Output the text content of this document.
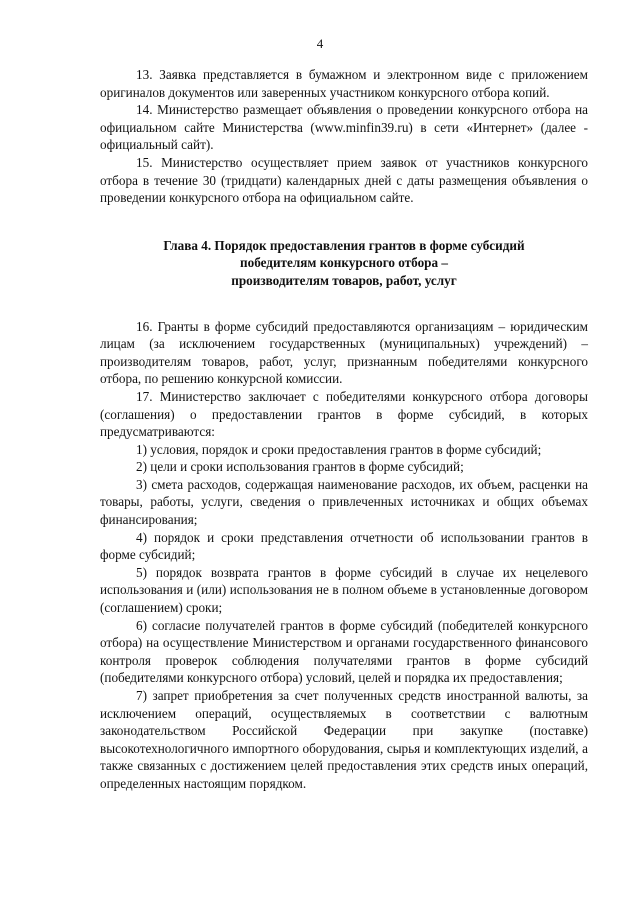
4

13. Заявка представляется в бумажном и электронном виде с приложением оригиналов документов или заверенных участником конкурсного отбора копий.

14. Министерство размещает объявления о проведении конкурсного отбора на официальном сайте Министерства (www.minfin39.ru) в сети «Интернет» (далее - официальный сайт).

15. Министерство осуществляет прием заявок от участников конкурсного отбора в течение 30 (тридцати) календарных дней с даты размещения объявления о проведении конкурсного отбора на официальном сайте.

Глава 4. Порядок предоставления грантов в форме субсидий
победителям конкурсного отбора –
производителям товаров, работ, услуг

16. Гранты в форме субсидий предоставляются организациям – юридическим лицам (за исключением государственных (муниципальных) учреждений) – производителям товаров, работ, услуг, признанным победителями конкурсного отбора, по решению конкурсной комиссии.

17. Министерство заключает с победителями конкурсного отбора договоры (соглашения) о предоставлении грантов в форме субсидий, в которых предусматриваются:

1) условия, порядок и сроки предоставления грантов в форме субсидий;

2) цели и сроки использования грантов в форме субсидий;

3) смета расходов, содержащая наименование расходов, их объем, расценки на товары, работы, услуги, сведения о привлеченных источниках и общих объемах финансирования;

4) порядок и сроки представления отчетности об использовании грантов в форме субсидий;

5) порядок возврата грантов в форме субсидий в случае их нецелевого использования и (или) использования не в полном объеме в установленные договором (соглашением) сроки;

6) согласие получателей грантов в форме субсидий (победителей конкурсного отбора) на осуществление Министерством и органами государственного финансового контроля проверок соблюдения получателями грантов в форме субсидий (победителями конкурсного отбора) условий, целей и порядка их предоставления;

7) запрет приобретения за счет полученных средств иностранной валюты, за исключением операций, осуществляемых в соответствии с валютным законодательством Российской Федерации при закупке (поставке) высокотехнологичного импортного оборудования, сырья и комплектующих изделий, а также связанных с достижением целей предоставления этих средств иных операций, определенных настоящим порядком.
